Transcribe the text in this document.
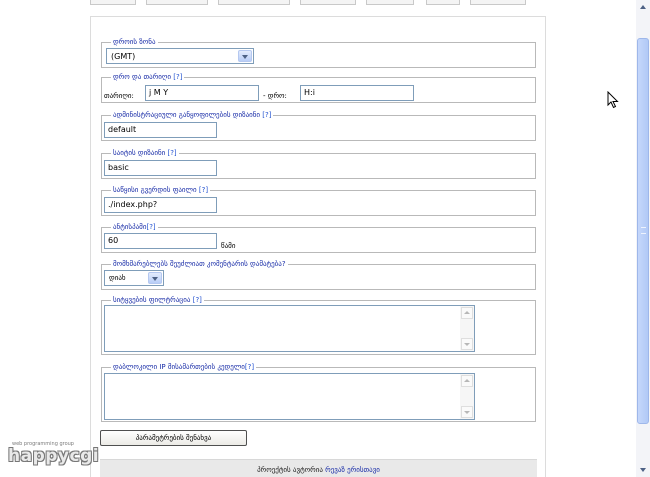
დროის ზონა
(GMT)
დრო და თარიღი [?]
თარიღი:	j M Y	- დრო:	H:i
ადმინისტრაციული განყოფილების დიზაინი [?]
default
საიტის დიზაინი [?]
basic
საწყისი გვერდის ფაილი [?]
./index.php?
ანტისპამი[?]
60
წამი
მომხმარებლებს შეუძლიათ კომენტარის დამატება?
დიახ
სიტყვების ფილტრაცია [?]
დაბლოკილი IP მისამართების კედელი[?]
პარამეტრების შენახვა
პროექტის ავტორია რევაზ ერისთავი
web programming group
happycgi
